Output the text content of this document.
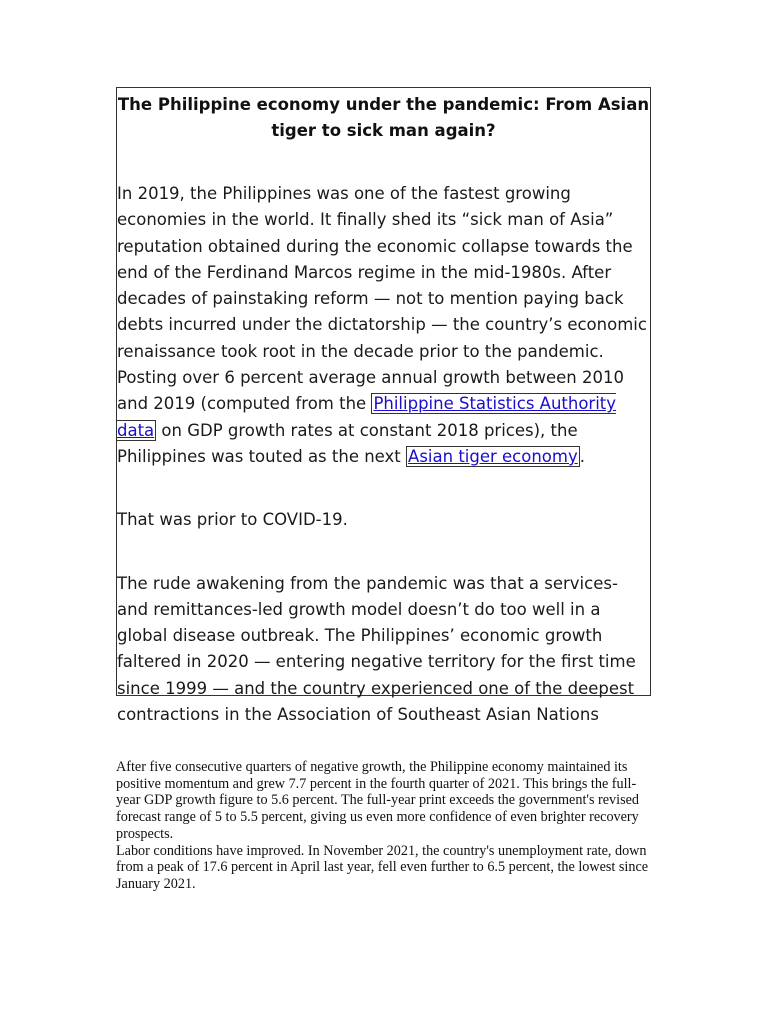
The Philippine economy under the pandemic: From Asian tiger to sick man again?

In 2019, the Philippines was one of the fastest growing economies in the world. It finally shed its “sick man of Asia” reputation obtained during the economic collapse towards the end of the Ferdinand Marcos regime in the mid-1980s. After decades of painstaking reform — not to mention paying back debts incurred under the dictatorship — the country’s economic renaissance took root in the decade prior to the pandemic. Posting over 6 percent average annual growth between 2010 and 2019 (computed from the Philippine Statistics Authority data on GDP growth rates at constant 2018 prices), the Philippines was touted as the next Asian tiger economy .

That was prior to COVID-19.

The rude awakening from the pandemic was that a services- and remittances-led growth model doesn’t do too well in a global disease outbreak. The Philippines’ economic growth faltered in 2020 — entering negative territory for the first time since 1999 — and the country experienced one of the deepest contractions in the Association of Southeast Asian Nations

After five consecutive quarters of negative growth, the Philippine economy maintained its positive momentum and grew 7.7 percent in the fourth quarter of 2021. This brings the full-year GDP growth figure to 5.6 percent. The full-year print exceeds the government's revised forecast range of 5 to 5.5 percent, giving us even more confidence of even brighter recovery prospects.

Labor conditions have improved. In November 2021, the country's unemployment rate, down from a peak of 17.6 percent in April last year, fell even further to 6.5 percent, the lowest since January 2021.
